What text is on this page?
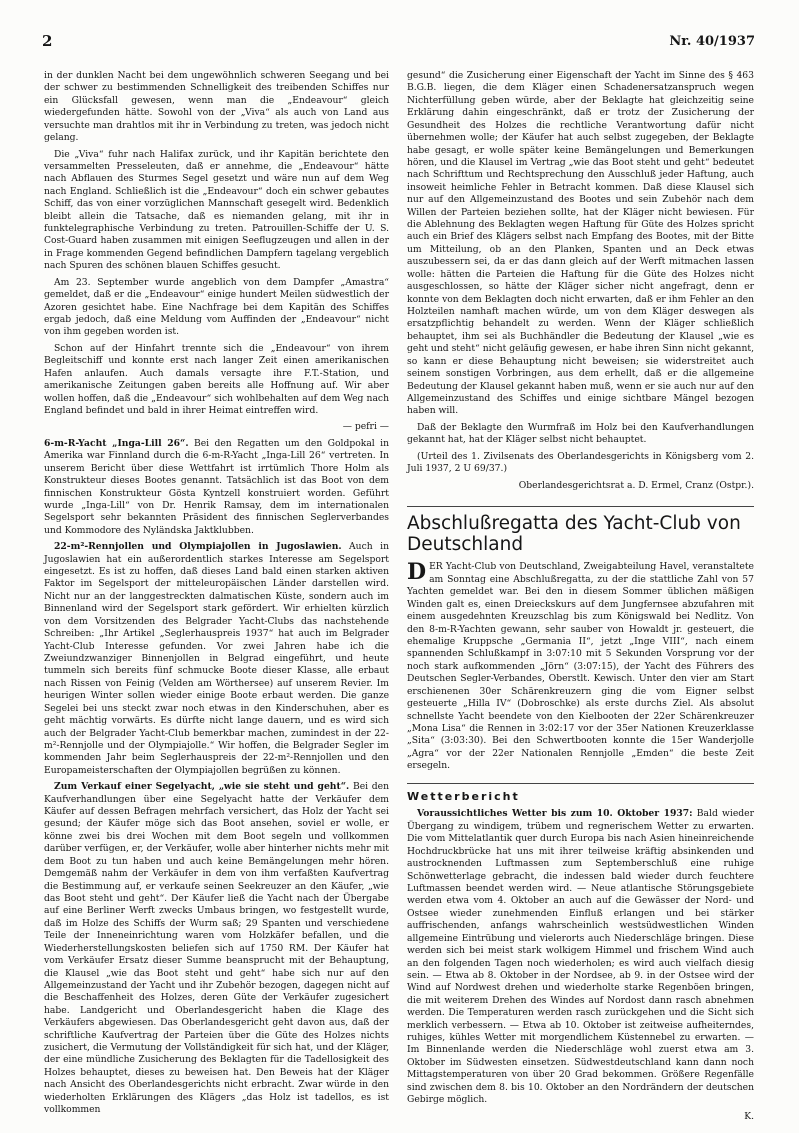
2	Nr. 40/1937

in der dunklen Nacht bei dem ungewöhnlich schweren Seegang und bei der schwer zu bestimmenden Schnelligkeit des treibenden Schiffes nur ein Glücksfall gewesen, wenn man die „Endeavour“ gleich wiedergefunden hätte. Sowohl von der „Viva“ als auch von Land aus versuchte man drahtlos mit ihr in Verbindung zu treten, was jedoch nicht gelang.

Die „Viva“ fuhr nach Halifax zurück, und ihr Kapitän berichtete den versammelten Presseleuten, daß er annehme, die „Endeavour“ hätte nach Abflauen des Sturmes Segel gesetzt und wäre nun auf dem Weg nach England. Schließlich ist die „Endeavour“ doch ein schwer gebautes Schiff, das von einer vorzüglichen Mannschaft gesegelt wird. Bedenklich bleibt allein die Tatsache, daß es niemanden gelang, mit ihr in funktelegraphische Verbindung zu treten. Patrouillen-Schiffe der U. S. Cost-Guard haben zusammen mit einigen Seeflugzeugen und allen in der in Frage kommenden Gegend befindlichen Dampfern tagelang vergeblich nach Spuren des schönen blauen Schiffes gesucht.

Am 23. September wurde angeblich von dem Dampfer „Amastra“ gemeldet, daß er die „Endeavour“ einige hundert Meilen südwestlich der Azoren gesichtet habe. Eine Nachfrage bei dem Kapitän des Schiffes ergab jedoch, daß eine Meldung vom Auffinden der „Endeavour“ nicht von ihm gegeben worden ist.

Schon auf der Hinfahrt trennte sich die „Endeavour“ von ihrem Begleitschiff und konnte erst nach langer Zeit einen amerikanischen Hafen anlaufen. Auch damals versagte ihre F.T.-Station, und amerikanische Zeitungen gaben bereits alle Hoffnung auf. Wir aber wollen hoffen, daß die „Endeavour“ sich wohlbehalten auf dem Weg nach England befindet und bald in ihrer Heimat eintreffen wird.

— pefri —

6-m-R-Yacht „Inga-Lill 26“. Bei den Regatten um den Goldpokal in Amerika war Finnland durch die 6-m-R-Yacht „Inga-Lill 26“ vertreten. In unserem Bericht über diese Wettfahrt ist irrtümlich Thore Holm als Konstrukteur dieses Bootes genannt. Tatsächlich ist das Boot von dem finnischen Konstrukteur Gösta Kyntzell konstruiert worden. Geführt wurde „Inga-Lill“ von Dr. Henrik Ramsay, dem im internationalen Segelsport sehr bekannten Präsident des finnischen Seglerverbandes und Kommodore des Nyländska Jaktklubben.

22-m²-Rennjollen und Olympiajollen in Jugoslawien. Auch in Jugoslawien hat ein außerordentlich starkes Interesse am Segelsport eingesetzt. Es ist zu hoffen, daß dieses Land bald einen starken aktiven Faktor im Segelsport der mitteleuropäischen Länder darstellen wird. Nicht nur an der langgestreckten dalmatischen Küste, sondern auch im Binnenland wird der Segelsport stark gefördert. Wir erhielten kürzlich von dem Vorsitzenden des Belgrader Yacht-Clubs das nachstehende Schreiben: „Ihr Artikel „Seglerhauspreis 1937“ hat auch im Belgrader Yacht-Club Interesse gefunden. Vor zwei Jahren habe ich die Zweiundzwanziger Binnenjollen in Belgrad eingeführt, und heute tummeln sich bereits fünf schmucke Boote dieser Klasse, alle erbaut nach Rissen von Feinig (Velden am Wörthersee) auf unserem Revier. Im heurigen Winter sollen wieder einige Boote erbaut werden. Die ganze Segelei bei uns steckt zwar noch etwas in den Kinderschuhen, aber es geht mächtig vorwärts. Es dürfte nicht lange dauern, und es wird sich auch der Belgrader Yacht-Club bemerkbar machen, zumindest in der 22-m²-Rennjolle und der Olympiajolle.“ Wir hoffen, die Belgrader Segler im kommenden Jahr beim Seglerhauspreis der 22-m²-Rennjollen und den Europameisterschaften der Olympiajollen begrüßen zu können.

Zum Verkauf einer Segelyacht, „wie sie steht und geht“. Bei den Kaufverhandlungen über eine Segelyacht hatte der Verkäufer dem Käufer auf dessen Befragen mehrfach versichert, das Holz der Yacht sei gesund; der Käufer möge sich das Boot ansehen, soviel er wolle, er könne zwei bis drei Wochen mit dem Boot segeln und vollkommen darüber verfügen, er, der Verkäufer, wolle aber hinterher nichts mehr mit dem Boot zu tun haben und auch keine Bemängelungen mehr hören. Demgemäß nahm der Verkäufer in dem von ihm verfaßten Kaufvertrag die Bestimmung auf, er verkaufe seinen Seekreuzer an den Käufer, „wie das Boot steht und geht“. Der Käufer ließ die Yacht nach der Übergabe auf eine Berliner Werft zwecks Umbaus bringen, wo festgestellt wurde, daß im Holze des Schiffs der Wurm saß; 29 Spanten und verschiedene Teile der Inneneinrichtung waren vom Holzkäfer befallen, und die Wiederherstellungskosten beliefen sich auf 1750 RM. Der Käufer hat vom Verkäufer Ersatz dieser Summe beansprucht mit der Behauptung, die Klausel „wie das Boot steht und geht“ habe sich nur auf den Allgemeinzustand der Yacht und ihr Zubehör bezogen, dagegen nicht auf die Beschaffenheit des Holzes, deren Güte der Verkäufer zugesichert habe. Landgericht und Oberlandesgericht haben die Klage des Verkäufers abgewiesen. Das Oberlandesgericht geht davon aus, daß der schriftliche Kaufvertrag der Parteien über die Güte des Holzes nichts zusichert, die Vermutung der Vollständigkeit für sich hat, und der Kläger, der eine mündliche Zusicherung des Beklagten für die Tadellosigkeit des Holzes behauptet, dieses zu beweisen hat. Den Beweis hat der Kläger nach Ansicht des Oberlandesgerichts nicht erbracht. Zwar würde in den wiederholten Erklärungen des Klägers „das Holz ist tadellos, es ist vollkommen

gesund“ die Zusicherung einer Eigenschaft der Yacht im Sinne des § 463 B.G.B. liegen, die dem Kläger einen Schadenersatzanspruch wegen Nichterfüllung geben würde, aber der Beklagte hat gleichzeitig seine Erklärung dahin eingeschränkt, daß er trotz der Zusicherung der Gesundheit des Holzes die rechtliche Verantwortung dafür nicht übernehmen wolle; der Käufer hat auch selbst zugegeben, der Beklagte habe gesagt, er wolle später keine Bemängelungen und Bemerkungen hören, und die Klausel im Vertrag „wie das Boot steht und geht“ bedeutet nach Schrifttum und Rechtsprechung den Ausschluß jeder Haftung, auch insoweit heimliche Fehler in Betracht kommen. Daß diese Klausel sich nur auf den Allgemeinzustand des Bootes und sein Zubehör nach dem Willen der Parteien beziehen sollte, hat der Kläger nicht bewiesen. Für die Ablehnung des Beklagten wegen Haftung für Güte des Holzes spricht auch ein Brief des Klägers selbst nach Empfang des Bootes, mit der Bitte um Mitteilung, ob an den Planken, Spanten und an Deck etwas auszubessern sei, da er das dann gleich auf der Werft mitmachen lassen wolle: hätten die Parteien die Haftung für die Güte des Holzes nicht ausgeschlossen, so hätte der Kläger sicher nicht angefragt, denn er konnte von dem Beklagten doch nicht erwarten, daß er ihm Fehler an den Holzteilen namhaft machen würde, um von dem Kläger deswegen als ersatzpflichtig behandelt zu werden. Wenn der Kläger schließlich behauptet, ihm sei als Buchhändler die Bedeutung der Klausel „wie es geht und steht“ nicht geläufig gewesen, er habe ihren Sinn nicht gekannt, so kann er diese Behauptung nicht beweisen; sie widerstreitet auch seinem sonstigen Vorbringen, aus dem erhellt, daß er die allgemeine Bedeutung der Klausel gekannt haben muß, wenn er sie auch nur auf den Allgemeinzustand des Schiffes und einige sichtbare Mängel bezogen haben will.

Daß der Beklagte den Wurmfraß im Holz bei den Kaufverhandlungen gekannt hat, hat der Kläger selbst nicht behauptet.

(Urteil des 1. Zivilsenats des Oberlandesgerichts in Königsberg vom 2. Juli 1937, 2 U 69/37.)

Oberlandesgerichtsrat a. D. Ermel, Cranz (Ostpr.).

Abschlußregatta des Yacht-Club von Deutschland

DER Yacht-Club von Deutschland, Zweigabteilung Havel, veranstaltete am Sonntag eine Abschlußregatta, zu der die stattliche Zahl von 57 Yachten gemeldet war. Bei den in diesem Sommer üblichen mäßigen Winden galt es, einen Dreieckskurs auf dem Jungfernsee abzufahren mit einem ausgedehnten Kreuzschlag bis zum Königswald bei Nedlitz. Von den 8-m-R-Yachten gewann, sehr sauber von Howaldt jr. gesteuert, die ehemalige Kruppsche „Germania II“, jetzt „Inge VIII“, nach einem spannenden Schlußkampf in 3:07:10 mit 5 Sekunden Vorsprung vor der noch stark aufkommenden „Jörn“ (3:07:15), der Yacht des Führers des Deutschen Segler-Verbandes, Oberstlt. Kewisch. Unter den vier am Start erschienenen 30er Schärenkreuzern ging die vom Eigner selbst gesteuerte „Hilla IV“ (Dobroschke) als erste durchs Ziel. Als absolut schnellste Yacht beendete von den Kielbooten der 22er Schärenkreuzer „Mona Lisa“ die Rennen in 3:02:17 vor der 35er Nationen Kreuzerklasse „Sita“ (3:03:30). Bei den Schwertbooten konnte die 15er Wanderjolle „Agra“ vor der 22er Nationalen Rennjolle „Emden“ die beste Zeit ersegeln.

Wetterbericht

Voraussichtliches Wetter bis zum 10. Oktober 1937: Bald wieder Übergang zu windigem, trübem und regnerischem Wetter zu erwarten. Die vom Mittelatlantik quer durch Europa bis nach Asien hineinreichende Hochdruckbrücke hat uns mit ihrer teilweise kräftig absinkenden und austrocknenden Luftmassen zum Septemberschluß eine ruhige Schönwetterlage gebracht, die indessen bald wieder durch feuchtere Luftmassen beendet werden wird. — Neue atlantische Störungsgebiete werden etwa vom 4. Oktober an auch auf die Gewässer der Nord- und Ostsee wieder zunehmenden Einfluß erlangen und bei stärker auffrischenden, anfangs wahrscheinlich westsüdwestlichen Winden allgemeine Eintrübung und vielerorts auch Niederschläge bringen. Diese werden sich bei meist stark wolkigem Himmel und frischem Wind auch an den folgenden Tagen noch wiederholen; es wird auch vielfach diesig sein. — Etwa ab 8. Oktober in der Nordsee, ab 9. in der Ostsee wird der Wind auf Nordwest drehen und wiederholte starke Regenböen bringen, die mit weiterem Drehen des Windes auf Nordost dann rasch abnehmen werden. Die Temperaturen werden rasch zurückgehen und die Sicht sich merklich verbessern. — Etwa ab 10. Oktober ist zeitweise aufheiterndes, ruhiges, kühles Wetter mit morgendlichem Küstennebel zu erwarten. — Im Binnenlande werden die Niederschläge wohl zuerst etwa am 3. Oktober im Südwesten einsetzen. Südwestdeutschland kann dann noch Mittagstemperaturen von über 20 Grad bekommen. Größere Regenfälle sind zwischen dem 8. bis 10. Oktober an den Nordrändern der deutschen Gebirge möglich.

K.
